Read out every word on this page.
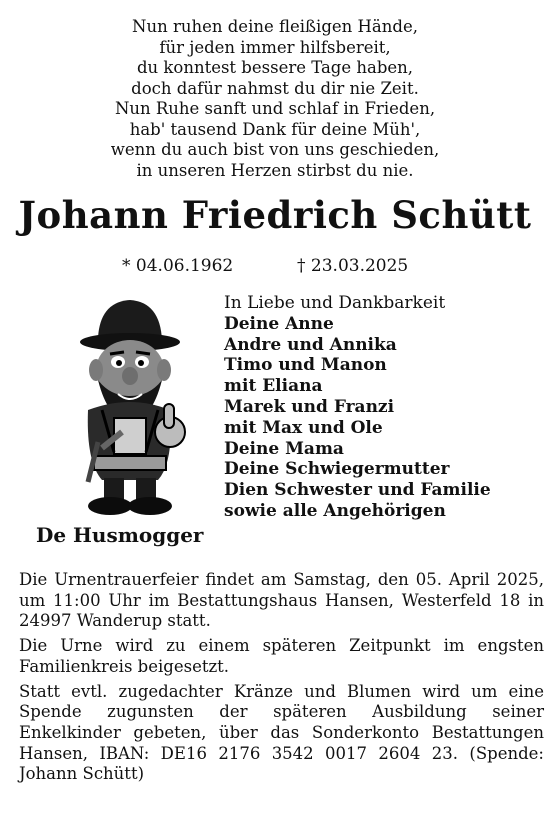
Nun ruhen deine fleißigen Hände,
für jeden immer hilfsbereit,
du konntest bessere Tage haben,
doch dafür nahmst du dir nie Zeit.
Nun Ruhe sanft und schlaf in Frieden,
hab' tausend Dank für deine Müh',
wenn du auch bist von uns geschieden,
in unseren Herzen stirbst du nie.
Johann Friedrich Schütt
* 04.06.1962	† 23.03.2025
De Husmogger
In Liebe und Dankbarkeit
Deine Anne
Andre und Annika
Timo und Manon
mit Eliana
Marek und Franzi
mit Max und Ole
Deine Mama
Deine Schwiegermutter
Dien Schwester und Familie
sowie alle Angehörigen

Die Urnentrauerfeier findet am Samstag, den 05. April 2025, um 11:00 Uhr im Bestattungshaus Hansen, Westerfeld 18 in 24997 Wanderup statt.

Die Urne wird zu einem späteren Zeitpunkt im engsten Familienkreis beigesetzt.

Statt evtl. zugedachter Kränze und Blumen wird um eine Spende zugunsten der späteren Ausbildung seiner Enkelkinder gebeten, über das Sonderkonto Bestattungen Hansen, IBAN: DE16 2176 3542 0017 2604 23. (Spende: Johann Schütt)
